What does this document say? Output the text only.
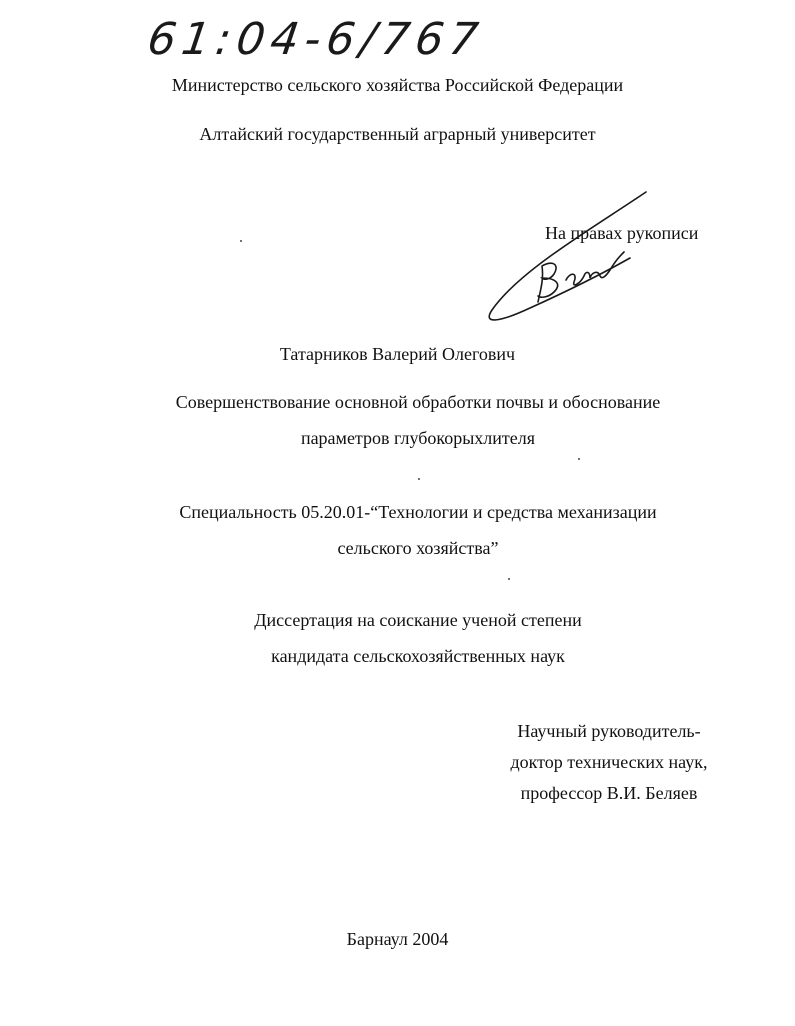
61:04-6/767
Министерство сельского хозяйства Российской Федерации
Алтайский государственный аграрный университет
На правах рукописи
Татарников Валерий Олегович
Совершенствование основной обработки почвы и обоснование
параметров глубокорыхлителя
Специальность 05.20.01-“Технологии и средства механизации
сельского хозяйства”
Диссертация на соискание ученой степени
кандидата сельскохозяйственных наук
Научный руководитель-
доктор технических наук,
профессор В.И. Беляев
Барнаул 2004
